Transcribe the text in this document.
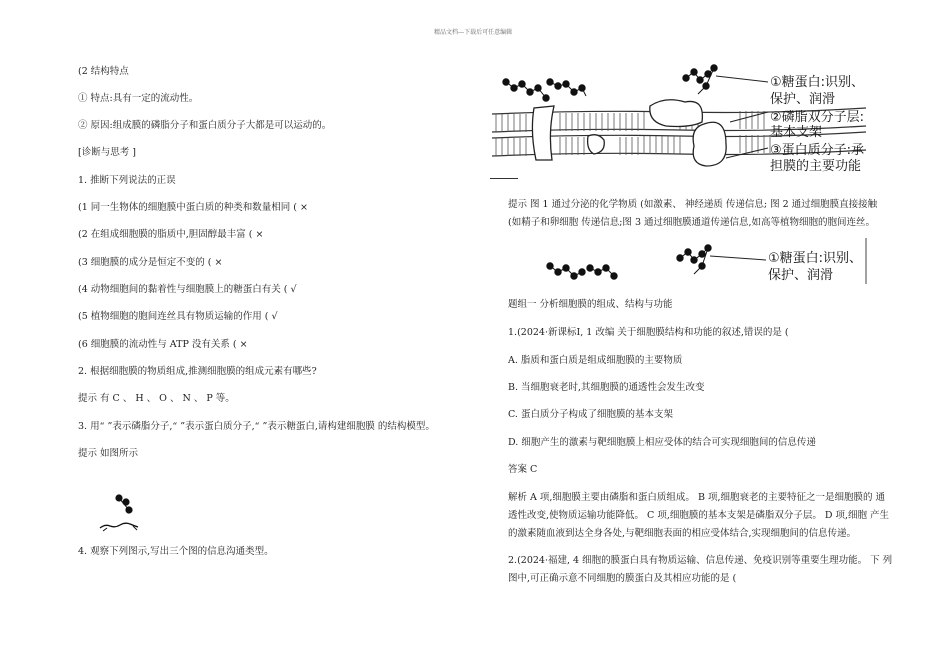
精品文档---下载后可任意编辑
(2 结构特点
① 特点:具有一定的流动性。
② 原因:组成膜的磷脂分子和蛋白质分子大都是可以运动的。
[诊断与思考 ]
1. 推断下列说法的正误
(1 同一生物体的细胞膜中蛋白质的种类和数量相同 ( ×
(2 在组成细胞膜的脂质中,胆固醇最丰富 ( ×
(3 细胞膜的成分是恒定不变的 ( ×
(4 动物细胞间的黏着性与细胞膜上的糖蛋白有关 ( √
(5 植物细胞的胞间连丝具有物质运输的作用 ( √
(6 细胞膜的流动性与 ATP 没有关系 ( ×
2. 根据细胞膜的物质组成,推测细胞膜的组成元素有哪些?
提示 有 C 、 H 、 O 、 N 、 P 等。
3. 用“ ”表示磷脂分子,“ ”表示蛋白质分子,“ ”表示糖蛋白,请构建细胞膜 的结构模型。
提示 如图所示
4. 观察下列图示,写出三个图的信息沟通类型。
①糖蛋白:识别、
保护、润滑
②磷脂双分子层:
基本支架
③蛋白质分子:承
担膜的主要功能
提示 图 1 通过分泌的化学物质 (如激素、 神经递质 传递信息; 图 2 通过细胞膜直接接触 (如精子和卵细胞 传递信息;图 3 通过细胞膜通道传递信息,如高等植物细胞的胞间连丝。
①糖蛋白:识别、
保护、润滑
题组一 分析细胞膜的组成、结构与功能
1.(2024·新课标Ⅰ, 1 改编 关于细胞膜结构和功能的叙述,错误的是 (
A. 脂质和蛋白质是组成细胞膜的主要物质
B. 当细胞衰老时,其细胞膜的通透性会发生改变
C. 蛋白质分子构成了细胞膜的基本支架
D. 细胞产生的激素与靶细胞膜上相应受体的结合可实现细胞间的信息传递
答案 C
解析 A 项,细胞膜主要由磷脂和蛋白质组成。 B 项,细胞衰老的主要特征之一是细胞膜的 通透性改变,使物质运输功能降低。 C 项,细胞膜的基本支架是磷脂双分子层。 D 项,细胞 产生的激素随血液到达全身各处,与靶细胞表面的相应受体结合,实现细胞间的信息传递。
2.(2024·福建, 4 细胞的膜蛋白具有物质运输、信息传递、免疫识别等重要生理功能。 下 列图中,可正确示意不同细胞的膜蛋白及其相应功能的是 (
